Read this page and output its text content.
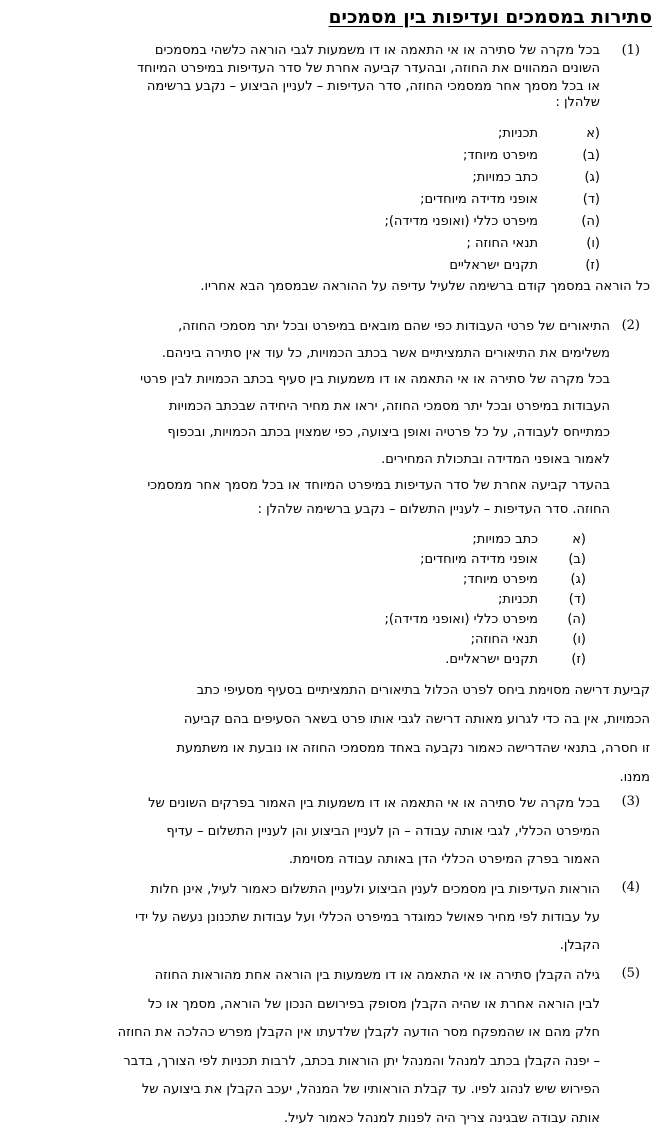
סתירות במסמכים ועדיפות בין מסמכים
(1)
בכל מקרה של סתירה או אי התאמה או דו משמעות לגבי הוראה כלשהי במסמכים
השונים המהווים את החוזה, ובהעדר קביעה אחרת של סדר העדיפות במיפרט המיוחד
או בכל מסמך אחר ממסמכי החוזה, סדר העדיפות – לעניין הביצוע – נקבע ברשימה
שלהלן :
(א
תכניות;
(ב)
מיפרט מיוחד;
(ג)
כתב כמויות;
(ד)
אופני מדידה מיוחדים;
(ה)
מיפרט כללי (ואופני מדידה);
(ו)
תנאי החוזה ;
(ז)
תקנים ישראליים
כל הוראה במסמך קודם ברשימה שלעיל עדיפה על ההוראה שבמסמך הבא אחריו.
(2)
התיאורים של פרטי העבודות כפי שהם מובאים במיפרט ובכל יתר מסמכי החוזה,
משלימים את התיאורים התמציתיים אשר בכתב הכמויות, כל עוד אין סתירה ביניהם.
בכל מקרה של סתירה או אי התאמה או דו משמעות בין סעיף בכתב הכמויות לבין פרטי
העבודות במיפרט ובכל יתר מסמכי החוזה, יראו את מחיר היחידה שבכתב הכמויות
כמתייחס לעבודה, על כל פרטיה ואופן ביצועה, כפי שמצוין בכתב הכמויות, ובכפוף
לאמור באופני המדידה ובתכולת המחירים.
בהעדר קביעה אחרת של סדר העדיפות במיפרט המיוחד או בכל מסמך אחר ממסמכי
החוזה. סדר העדיפות – לעניין התשלום – נקבע ברשימה שלהלן :
(א
כתב כמויות;
(ב)
אופני מדידה מיוחדים;
(ג)
מיפרט מיוחד;
(ד)
תכניות;
(ה)
מיפרט כללי (ואופני מדידה);
(ו)
תנאי החוזה;
(ז)
תקנים ישראליים.
קביעת דרישה מסוימת ביחס לפרט הכלול בתיאורים התמציתיים בסעיף מסעיפי כתב
הכמויות, אין בה כדי לגרוע מאותה דרישה לגבי אותו פרט בשאר הסעיפים בהם קביעה
זו חסרה, בתנאי שהדרישה כאמור נקבעה באחד ממסמכי החוזה או נובעת או משתמעת
ממנו.
(3)
בכל מקרה של סתירה או אי התאמה או דו משמעות בין האמור בפרקים השונים של
המיפרט הכללי, לגבי אותה עבודה – הן לעניין הביצוע והן לעניין התשלום – עדיף
האמור בפרק המיפרט הכללי הדן באותה עבודה מסוימת.
(4)
הוראות העדיפות בין מסמכים לענין הביצוע ולעניין התשלום כאמור לעיל, אינן חלות
על עבודות לפי מחיר פאושל כמוגדר במיפרט הכללי ועל עבודות שתכנונן נעשה על ידי
הקבלן.
(5)
גילה הקבלן סתירה או אי התאמה או דו משמעות בין הוראה אחת מהוראות החוזה
לבין הוראה אחרת או שהיה הקבלן מסופק בפירושם הנכון של הוראה, מסמך או כל
חלק מהם או שהמפקח מסר הודעה לקבלן שלדעתו אין הקבלן מפרש כהלכה את החוזה
– יפנה הקבלן בכתב למנהל והמנהל יתן הוראות בכתב, לרבות תכניות לפי הצורך, בדבר
הפירוש שיש לנהוג לפיו. עד קבלת הוראותיו של המנהל, יעכב הקבלן את ביצועה של
אותה עבודה שבגינה צריך היה לפנות למנהל כאמור לעיל.
